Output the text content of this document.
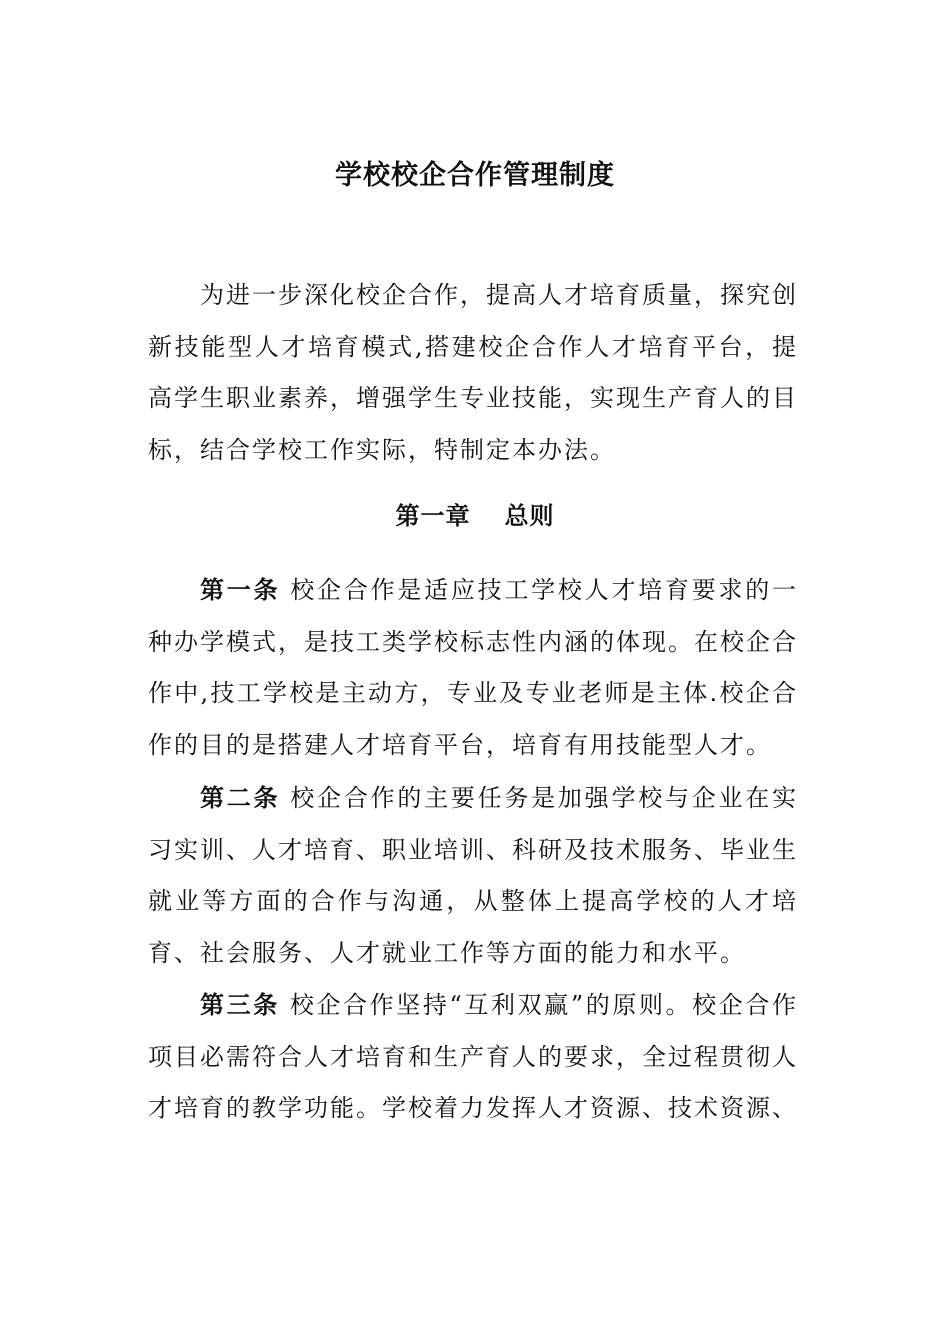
学校校企合作管理制度

为进一步深化校企合作，提高人才培育质量，探究创新技能型人才培育模式,搭建校企合作人才培育平台，提高学生职业素养，增强学生专业技能，实现生产育人的目标，结合学校工作实际，特制定本办法。

第一章 总则

第一条 校企合作是适应技工学校人才培育要求的一种办学模式，是技工类学校标志性内涵的体现。在校企合作中,技工学校是主动方，专业及专业老师是主体.校企合作的目的是搭建人才培育平台，培育有用技能型人才。

第二条 校企合作的主要任务是加强学校与企业在实习实训、人才培育、职业培训、科研及技术服务、毕业生就业等方面的合作与沟通，从整体上提高学校的人才培育、社会服务、人才就业工作等方面的能力和水平。

第三条 校企合作坚持“互利双赢”的原则。校企合作项目必需符合人才培育和生产育人的要求，全过程贯彻人才培育的教学功能。学校着力发挥人才资源、技术资源、
